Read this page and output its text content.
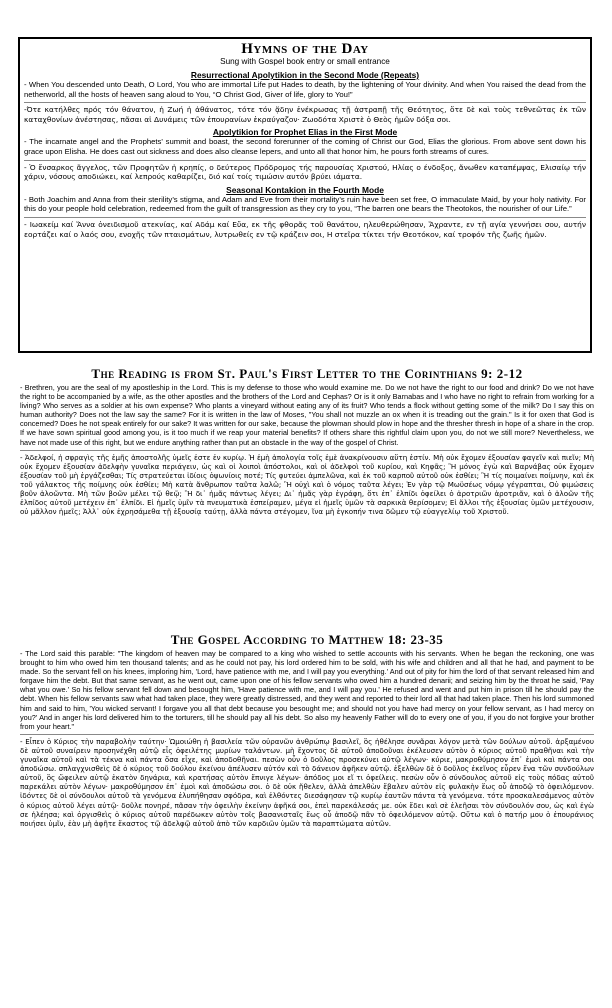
Hymns of the Day
Sung with Gospel book entry or small entrance
Resurrectional Apolytikion in the Second Mode (Repeats)

- When You descended unto Death, O Lord, You who are immortal Life put Hades to death, by the lightening of Your divinity. And when You raised the dead from the netherworld, all the hosts of heaven sang aloud to You, “O Christ God, Giver of life, glory to You!”

-Ότε κατήλθες πρός τόν θάνατον, ἡ Ζωή ἡ ἀθάνατος, τότε τόν ᾅδην ἐνέκρωσας τῇ ἀστραπῇ τῆς Θεότητος, ὅτε δὲ καὶ τοὺς τεθνεῶτας ἐκ τῶν καταχθονίων ἀνέστησας, πᾶσαι αἱ Δυνάμεις τῶν ἐπουρανίων ἐκραύγαζον· Ζωοδότα Χριστὲ ὁ Θεὸς ἡμῶν δόξα σοι.

Apolytikion for Prophet Elias in the First Mode

- The incarnate angel and the Prophets' summit and boast, the second forerunner of the coming of Christ our God, Elias the glorious. From above sent down his grace upon Elisha. He does cast out sickness and does also cleanse lepers, and unto all that honor him, he pours forth streams of cures.

- Ὁ ἔνσαρκος ἄγγελος, τῶν Προφητῶν ἡ κρηπίς, ο δεύτερος Πρόδρομος τής παρουσίας Χριστού, Ηλίας ο ένδοξος, ἄνωθεν καταπέμψας, Ελισαίῳ τήν χάριν, νόσους αποδιώκει, καί λεπρούς καθαρίζει, διό καί τοίς τιμώσιν αυτόν βρύει ιάματα.

Seasonal Kontakion in the Fourth Mode

- Both Joachim and Anna from their sterility’s stigma, and Adam and Eve from their mortality’s ruin have been set free, O immaculate Maid, by your holy nativity. For this do your people hold celebration, redeemed from the guilt of transgression as they cry to you, “The barren one bears the Theotokos, the nourisher of our Life.”

- Ιωακείμ καί Ἄννα ὀνειδισμοῦ ατεκνίας, καί Αδάμ καί Εὔα, εκ τῆς φθορᾶς τοῦ θανάτου, ηλευθερώθησαν, Ἄχραντε, εν τῇ αγία γεννήσει σου, αυτήν εορτάζει καί ο λαός σου, ενοχῆς τῶν πταισμάτων, λυτρωθείς εν τῷ κράζειν σοι, Η στεῖρα τίκτει τήν Θεοτόκον, καί τροφόν τῆς ζωῆς ἡμῶν.

The Reading is from St. Paul's First Letter to the Corinthians 9: 2-12

- Brethren, you are the seal of my apostleship in the Lord. This is my defense to those who would examine me. Do we not have the right to our food and drink? Do we not have the right to be accompanied by a wife, as the other apostles and the brothers of the Lord and Cephas? Or is it only Barnabas and I who have no right to refrain from working for a living? Who serves as a soldier at his own expense? Who plants a vineyard without eating any of its fruit? Who tends a flock without getting some of the milk? Do I say this on human authority? Does not the law say the same? For it is written in the law of Moses, "You shall not muzzle an ox when it is treading out the grain." Is it for oxen that God is concerned? Does he not speak entirely for our sake? It was written for our sake, because the plowman should plow in hope and the thresher thresh in hope of a share in the crop. If we have sown spiritual good among you, is it too much if we reap your material benefits? If others share this rightful claim upon you, do not we still more? Nevertheless, we have not made use of this right, but we endure anything rather than put an obstacle in the way of the gospel of Christ.

- Ἀδελφοί, ἡ σφραγὶς τῆς ἐμῆς ἀποστολῆς ὑμεῖς ἐστε ἐν κυρίῳ. Ἡ ἐμὴ ἀπολογία τοῖς ἐμὲ ἀνακρίνουσιν αὕτη ἐστίν. Μὴ οὐκ ἔχομεν ἐξουσίαν φαγεῖν καὶ πιεῖν; Μὴ οὐκ ἔχομεν ἐξουσίαν ἀδελφὴν γυναῖκα περιάγειν, ὡς καὶ οἱ λοιποὶ ἀπόστολοι, καὶ οἱ ἀδελφοὶ τοῦ κυρίου, καὶ Κηφᾶς; Ἢ μόνος ἐγὼ καὶ Βαρνάβας οὐκ ἔχομεν ἐξουσίαν τοῦ μὴ ἐργάζεσθαι; Τίς στρατεύεται ἰδίοις ὀψωνίοις ποτέ; Τίς φυτεύει ἀμπελῶνα, καὶ ἐκ τοῦ καρποῦ αὐτοῦ οὐκ ἐσθίει; Ἢ τίς ποιμαίνει ποίμνην, καὶ ἐκ τοῦ γάλακτος τῆς ποίμνης οὐκ ἐσθίει; Μὴ κατὰ ἄνθρωπον ταῦτα λαλῶ; Ἢ οὐχὶ καὶ ὁ νόμος ταῦτα λέγει; Ἐν γὰρ τῷ Μωϋσέως νόμῳ γέγραπται, Οὐ φιμώσεις βοῦν ἀλοῶντα. Μὴ τῶν βοῶν μέλει τῷ θεῷ; Ἢ δι᾽ ἡμᾶς πάντως λέγει; Δι᾽ ἡμᾶς γὰρ ἐγράφη, ὅτι ἐπ᾽ ἐλπίδι ὀφείλει ὁ ἀροτριῶν ἀροτριᾶν, καὶ ὁ ἀλοῶν τῆς ἐλπίδος αὐτοῦ μετέχειν ἐπ᾽ ἐλπίδι. Εἰ ἡμεῖς ὑμῖν τὰ πνευματικὰ ἐσπείραμεν, μέγα εἰ ἡμεῖς ὑμῶν τὰ σαρκικὰ θερίσομεν; Εἰ ἄλλοι τῆς ἐξουσίας ὑμῶν μετέχουσιν, οὐ μᾶλλον ἡμεῖς; Ἀλλ᾽ οὐκ ἐχρησάμεθα τῇ ἐξουσίᾳ ταύτῃ, ἀλλὰ πάντα στέγομεν, ἵνα μὴ ἐγκοπήν τινα δῶμεν τῷ εὐαγγελίῳ τοῦ Χριστοῦ.

The Gospel According to Matthew 18: 23-35

- The Lord said this parable: "The kingdom of heaven may be compared to a king who wished to settle accounts with his servants. When he began the reckoning, one was brought to him who owed him ten thousand talents; and as he could not pay, his lord ordered him to be sold, with his wife and children and all that he had, and payment to be made. So the servant fell on his knees, imploring him, 'Lord, have patience with me, and I will pay you everything.' And out of pity for him the lord of that servant released him and forgave him the debt. But that same servant, as he went out, came upon one of his fellow servants who owed him a hundred denarii; and seizing him by the throat he said, 'Pay what you owe.' So his fellow servant fell down and besought him, 'Have patience with me, and I will pay you.' He refused and went and put him in prison till he should pay the debt. When his fellow servants saw what had taken place, they were greatly distressed, and they went and reported to their lord all that had taken place. Then his lord summoned him and said to him, 'You wicked servant! I forgave you all that debt because you besought me; and should not you have had mercy on your fellow servant, as I had mercy on you?' And in anger his lord delivered him to the torturers, till he should pay all his debt. So also my heavenly Father will do to every one of you, if you do not forgive your brother from your heart."

- Εἶπεν ὁ Κύριος τὴν παραβολὴν ταύτην· Ὡμοιώθη ἡ βασιλεία τῶν οὐρανῶν ἀνθρώπῳ βασιλεῖ, ὃς ἠθέλησε συνᾶραι λόγον μετὰ τῶν δούλων αὐτοῦ. ἀρξαμένου δὲ αὐτοῦ συναίρειν προσηνέχθη αὐτῷ εἷς ὀφειλέτης μυρίων ταλάντων. μὴ ἔχοντος δὲ αὐτοῦ ἀποδοῦναι ἐκέλευσεν αὐτὸν ὁ κύριος αὐτοῦ πραθῆναι καὶ τὴν γυναῖκα αὐτοῦ καὶ τὰ τέκνα καὶ πάντα ὅσα εἶχε, καὶ ἀποδοθῆναι. πεσὼν οὖν ὁ δοῦλος προσεκύνει αὐτῷ λέγων· κύριε, μακροθύμησον ἐπ᾿ ἐμοὶ καὶ πάντα σοι ἀποδώσω. σπλαγχνισθεὶς δὲ ὁ κύριος τοῦ δούλου ἐκείνου ἀπέλυσεν αὐτόν καὶ τὸ δάνειον ἀφῆκεν αὐτῷ. ἐξελθὼν δὲ ὁ δοῦλος ἐκεῖνος εὗρεν ἕνα τῶν συνδούλων αὐτοῦ, ὃς ὤφειλεν αὐτῷ ἑκατὸν δηνάρια, καὶ κρατήσας αὐτὸν ἔπνιγε λέγων· ἀπόδος μοι εἴ τι ὀφείλεις. πεσὼν οὖν ὁ σύνδουλος αὐτοῦ εἰς τοὺς πόδας αὐτοῦ παρεκάλει αὐτὸν λέγων· μακροθύμησον ἐπ᾿ ἐμοὶ καὶ ἀποδώσω σοι. ὁ δὲ οὐκ ἤθελεν, ἀλλὰ ἀπελθὼν ἔβαλεν αὐτὸν εἰς φυλακὴν ἕως οὗ ἀποδῷ τὸ ὀφειλόμενον. ἰδόντες δὲ οἱ σύνδουλοι αὐτοῦ τὰ γενόμενα ἐλυπήθησαν σφόδρα, καὶ ἐλθόντες διεσάφησαν τῷ κυρίῳ ἑαυτῶν πάντα τὰ γενόμενα. τότε προσκαλεσάμενος αὐτὸν ὁ κύριος αὐτοῦ λέγει αὐτῷ· δοῦλε πονηρέ, πᾶσαν τὴν ὀφειλὴν ἐκείνην ἀφῆκά σοι, ἐπεὶ παρεκάλεσάς με. οὐκ ἔδει καὶ σὲ ἐλεῆσαι τὸν σύνδουλόν σου, ὡς καὶ ἐγὼ σε ἠλέησα; καὶ ὀργισθεὶς ὁ κύριος αὐτοῦ παρέδωκεν αὐτὸν τοῖς βασανισταῖς ἕως οὗ ἀποδῷ πᾶν τὸ ὀφειλόμενον αὐτῷ. Οὕτω καὶ ὁ πατήρ μου ὁ ἐπουράνιος ποιήσει ὑμῖν, ἐὰν μὴ ἀφῆτε ἕκαστος τῷ ἀδελφῷ αὐτοῦ ἀπὸ τῶν καρδιῶν ὑμῶν τὰ παραπτώματα αὐτῶν.
